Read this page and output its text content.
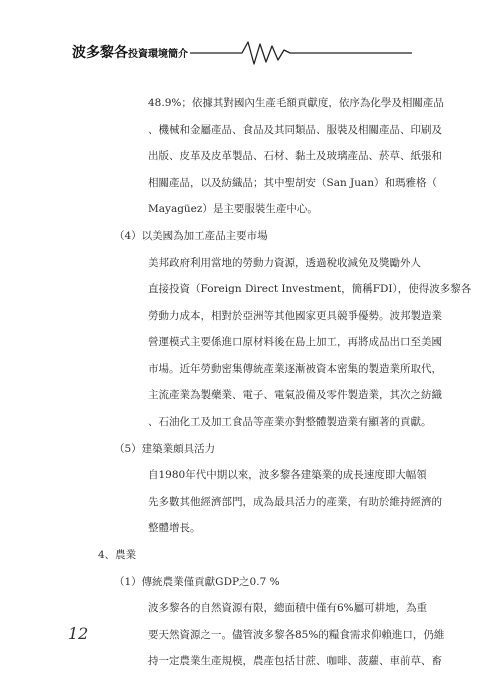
波多黎各投資環境簡介
48.9%；依據其對國內生產毛額貢獻度，依序為化學及相關產品
、機械和金屬產品、食品及其同類品、服裝及相關產品、印刷及
出版、皮革及皮革製品、石材、黏土及玻璃產品、菸草、紙張和
相關產品，以及紡織品；其中聖胡安（San Juan）和瑪雅格（
Mayagüez）是主要服裝生產中心。
（4）以美國為加工產品主要市場
美邦政府利用當地的勞動力資源，透過稅收減免及獎勵外人
直接投資（Foreign Direct Investment，簡稱FDI），使得波多黎各
勞動力成本，相對於亞洲等其他國家更具競爭優勢。波邦製造業
營運模式主要係進口原材料後在島上加工，再將成品出口至美國
市場。近年勞動密集傳統產業逐漸被資本密集的製造業所取代，
主流產業為製藥業、電子、電氣設備及零件製造業，其次之紡織
、石油化工及加工食品等產業亦對整體製造業有顯著的貢獻。
（5）建築業頗具活力
自1980年代中期以來，波多黎各建築業的成長速度即大幅領
先多數其他經濟部門，成為最具活力的產業，有助於維持經濟的
整體增長。
4、農業
（1）傳統農業僅貢獻GDP之0.7 %
波多黎各的自然資源有限，總面積中僅有6%屬可耕地，為重
要天然資源之一。儘管波多黎各85%的糧食需求仰賴進口，仍維
持一定農業生產規模，農產包括甘蔗、咖啡、菠蘿、車前草、畜
12
